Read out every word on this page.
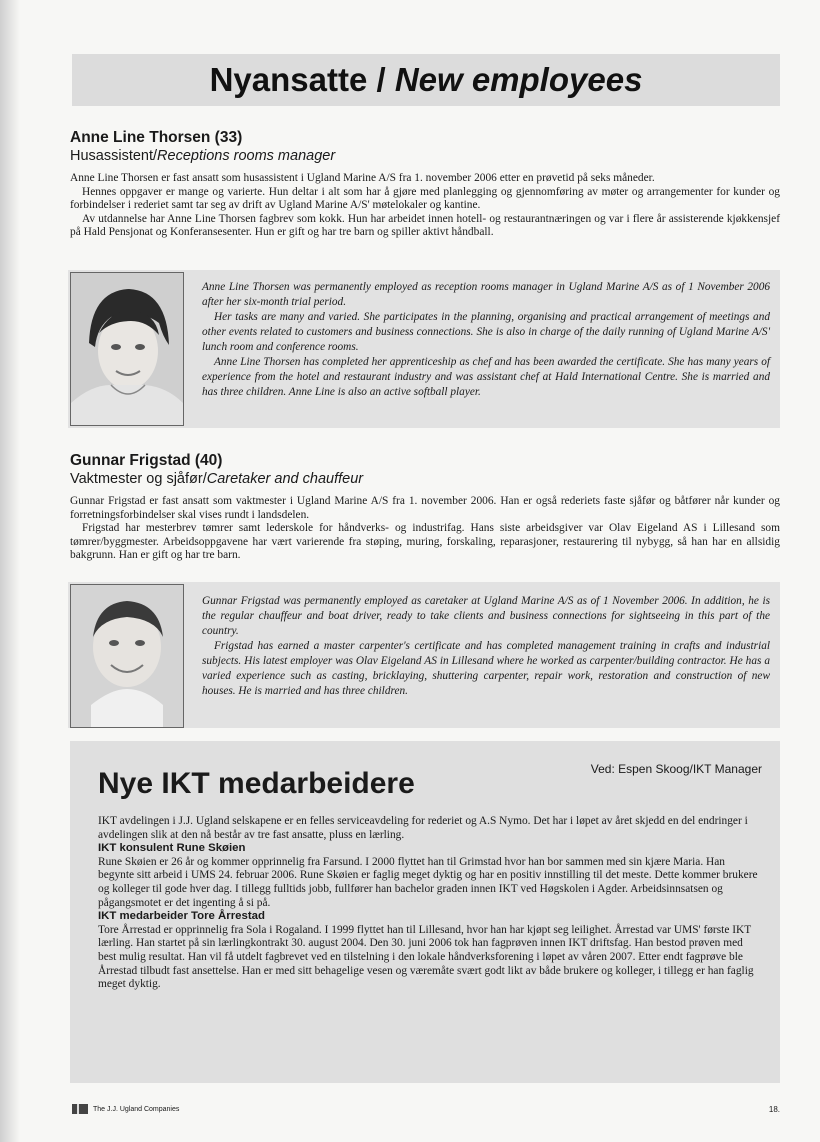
Nyansatte / New employees

Anne Line Thorsen (33)

Husassistent/Receptions rooms manager

Anne Line Thorsen er fast ansatt som husassistent i Ugland Marine A/S fra 1. november 2006 etter en prøvetid på seks måneder.

Hennes oppgaver er mange og varierte. Hun deltar i alt som har å gjøre med planlegging og gjennomføring av møter og arrangementer for kunder og forbindelser i rederiet samt tar seg av drift av Ugland Marine A/S' møtelokaler og kantine.

Av utdannelse har Anne Line Thorsen fagbrev som kokk. Hun har arbeidet innen hotell- og restaurantnæringen og var i flere år assisterende kjøkkensjef på Hald Pensjonat og Konferansesenter. Hun er gift og har tre barn og spiller aktivt håndball.

Anne Line Thorsen was permanently employed as reception rooms manager in Ugland Marine A/S as of 1 November 2006 after her six-month trial period.

Her tasks are many and varied. She participates in the planning, organising and practical arrangement of meetings and other events related to customers and business connections. She is also in charge of the daily running of Ugland Marine A/S' lunch room and conference rooms.

Anne Line Thorsen has completed her apprenticeship as chef and has been awarded the certificate. She has many years of experience from the hotel and restaurant industry and was assistant chef at Hald International Centre. She is married and has three children. Anne Line is also an active softball player.

Gunnar Frigstad (40)

Vaktmester og sjåfør/Caretaker and chauffeur

Gunnar Frigstad er fast ansatt som vaktmester i Ugland Marine A/S fra 1. november 2006. Han er også rederiets faste sjåfør og båtfører når kunder og forretningsforbindelser skal vises rundt i landsdelen.

Frigstad har mesterbrev tømrer samt lederskole for håndverks- og industrifag. Hans siste arbeidsgiver var Olav Eigeland AS i Lillesand som tømrer/byggmester. Arbeidsoppgavene har vært varierende fra støping, muring, forskaling, reparasjoner, restaurering til nybygg, så han har en allsidig bakgrunn. Han er gift og har tre barn.

Gunnar Frigstad was permanently employed as caretaker at Ugland Marine A/S as of 1 November 2006. In addition, he is the regular chauffeur and boat driver, ready to take clients and business connections for sightseeing in this part of the country.

Frigstad has earned a master carpenter's certificate and has completed management training in crafts and industrial subjects. His latest employer was Olav Eigeland AS in Lillesand where he worked as carpenter/building contractor. He has a varied experience such as casting, bricklaying, shuttering carpenter, repair work, restoration and construction of new houses. He is married and has three children.

Nye IKT medarbeidere	Ved: Espen Skoog/IKT Manager

IKT avdelingen i J.J. Ugland selskapene er en felles serviceavdeling for rederiet og A.S Nymo. Det har i løpet av året skjedd en del endringer i avdelingen slik at den nå består av tre fast ansatte, pluss en lærling.

IKT konsulent Rune Skøien

Rune Skøien er 26 år og kommer opprinnelig fra Farsund. I 2000 flyttet han til Grimstad hvor han bor sammen med sin kjære Maria. Han begynte sitt arbeid i UMS 24. februar 2006. Rune Skøien er faglig meget dyktig og har en positiv innstilling til det meste. Dette kommer brukere og kolleger til gode hver dag. I tillegg fulltids jobb, fullfører han bachelor graden innen IKT ved Høgskolen i Agder. Arbeidsinnsatsen og pågangsmotet er det ingenting å si på.

IKT medarbeider Tore Årrestad

Tore Årrestad er opprinnelig fra Sola i Rogaland. I 1999 flyttet han til Lillesand, hvor han har kjøpt seg leilighet. Årrestad var UMS' første IKT lærling. Han startet på sin lærlingkontrakt 30. august 2004. Den 30. juni 2006 tok han fagprøven innen IKT driftsfag. Han bestod prøven med best mulig resultat. Han vil få utdelt fagbrevet ved en tilstelning i den lokale håndverksforening i løpet av våren 2007. Etter endt fagprøve ble Årrestad tilbudt fast ansettelse. Han er med sitt behagelige vesen og væremåte svært godt likt av både brukere og kolleger, i tillegg er han faglig meget dyktig.

The J.J. Ugland Companies	18.
